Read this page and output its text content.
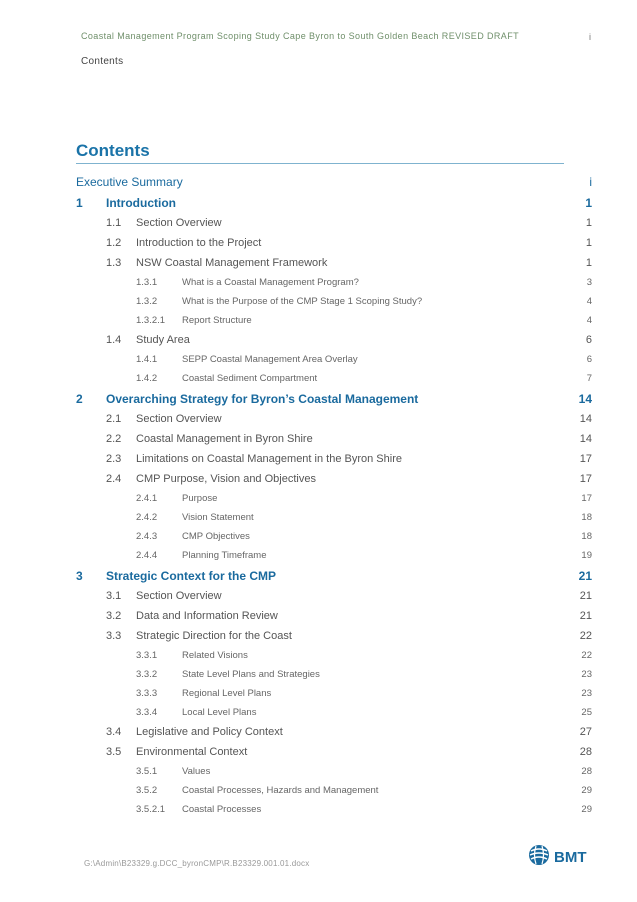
Coastal Management Program Scoping Study Cape Byron to South Golden Beach REVISED DRAFT
Contents
i
Contents
Executive Summary	i
1	Introduction	1
1.1	Section Overview	1
1.2	Introduction to the Project	1
1.3	NSW Coastal Management Framework	1
1.3.1	What is a Coastal Management Program?	3
1.3.2	What is the Purpose of the CMP Stage 1 Scoping Study?	4
1.3.2.1	Report Structure	4
1.4	Study Area	6
1.4.1	SEPP Coastal Management Area Overlay	6
1.4.2	Coastal Sediment Compartment	7
2	Overarching Strategy for Byron’s Coastal Management	14
2.1	Section Overview	14
2.2	Coastal Management in Byron Shire	14
2.3	Limitations on Coastal Management in the Byron Shire	17
2.4	CMP Purpose, Vision and Objectives	17
2.4.1	Purpose	17
2.4.2	Vision Statement	18
2.4.3	CMP Objectives	18
2.4.4	Planning Timeframe	19
3	Strategic Context for the CMP	21
3.1	Section Overview	21
3.2	Data and Information Review	21
3.3	Strategic Direction for the Coast	22
3.3.1	Related Visions	22
3.3.2	State Level Plans and Strategies	23
3.3.3	Regional Level Plans	23
3.3.4	Local Level Plans	25
3.4	Legislative and Policy Context	27
3.5	Environmental Context	28
3.5.1	Values	28
3.5.2	Coastal Processes, Hazards and Management	29
3.5.2.1	Coastal Processes	29
G:\Admin\B23329.g.DCC_byronCMP\R.B23329.001.01.docx	BMT
